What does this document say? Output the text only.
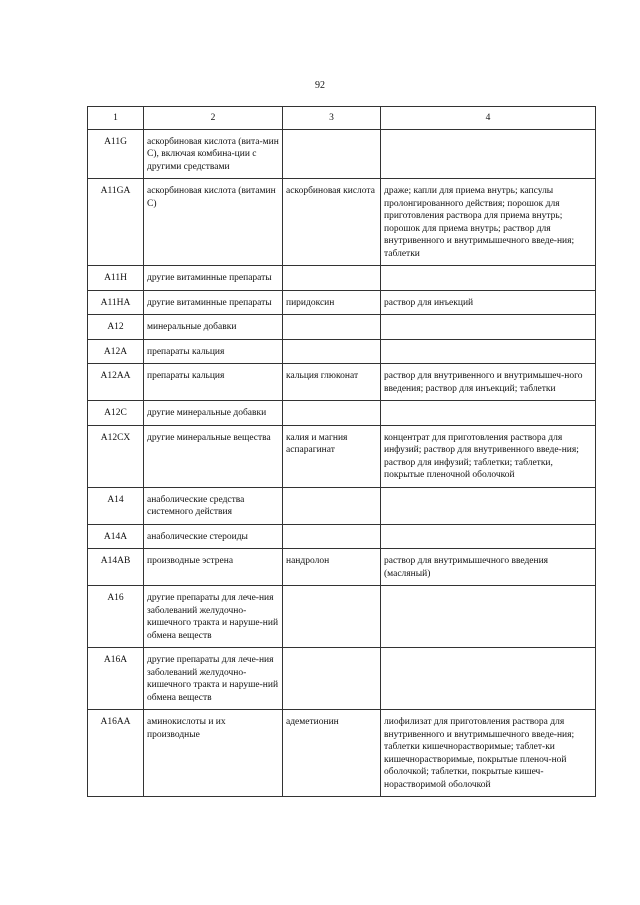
92
1	2	3	4
A11G	аскорбиновая кислота (вита-мин С), включая комбина-ции с другими средствами		
A11GA	аскорбиновая кислота (витамин С)	аскорбиновая кислота	драже; капли для приема внутрь; капсулы пролонгированного действия; порошок для приготовления раствора для приема внутрь; порошок для приема внутрь; раствор для внутривенного и внутримышечного введе-ния; таблетки
A11H	другие витаминные препараты		
A11HA	другие витаминные препараты	пиридоксин	раствор для инъекций
A12	минеральные добавки		
A12A	препараты кальция		
A12AA	препараты кальция	кальция глюконат	раствор для внутривенного и внутримышеч-ного введения; раствор для инъекций; таблетки
A12C	другие минеральные добавки		
A12CX	другие минеральные вещества	калия и магния аспарагинат	концентрат для приготовления раствора для инфузий; раствор для внутривенного введе-ния; раствор для инфузий; таблетки; таблетки, покрытые пленочной оболочкой
A14	анаболические средства системного действия		
A14A	анаболические стероиды		
A14AB	производные эстрена	нандролон	раствор для внутримышечного введения (масляный)
A16	другие препараты для лече-ния заболеваний желудочно-кишечного тракта и наруше-ний обмена веществ		
A16A	другие препараты для лече-ния заболеваний желудочно-кишечного тракта и наруше-ний обмена веществ		
A16AA	аминокислоты и их производные	адеметионин	лиофилизат для приготовления раствора для внутривенного и внутримышечного введе-ния; таблетки кишечнорастворимые; таблет-ки кишечнорастворимые, покрытые пленоч-ной оболочкой; таблетки, покрытые кишеч-норастворимой оболочкой
